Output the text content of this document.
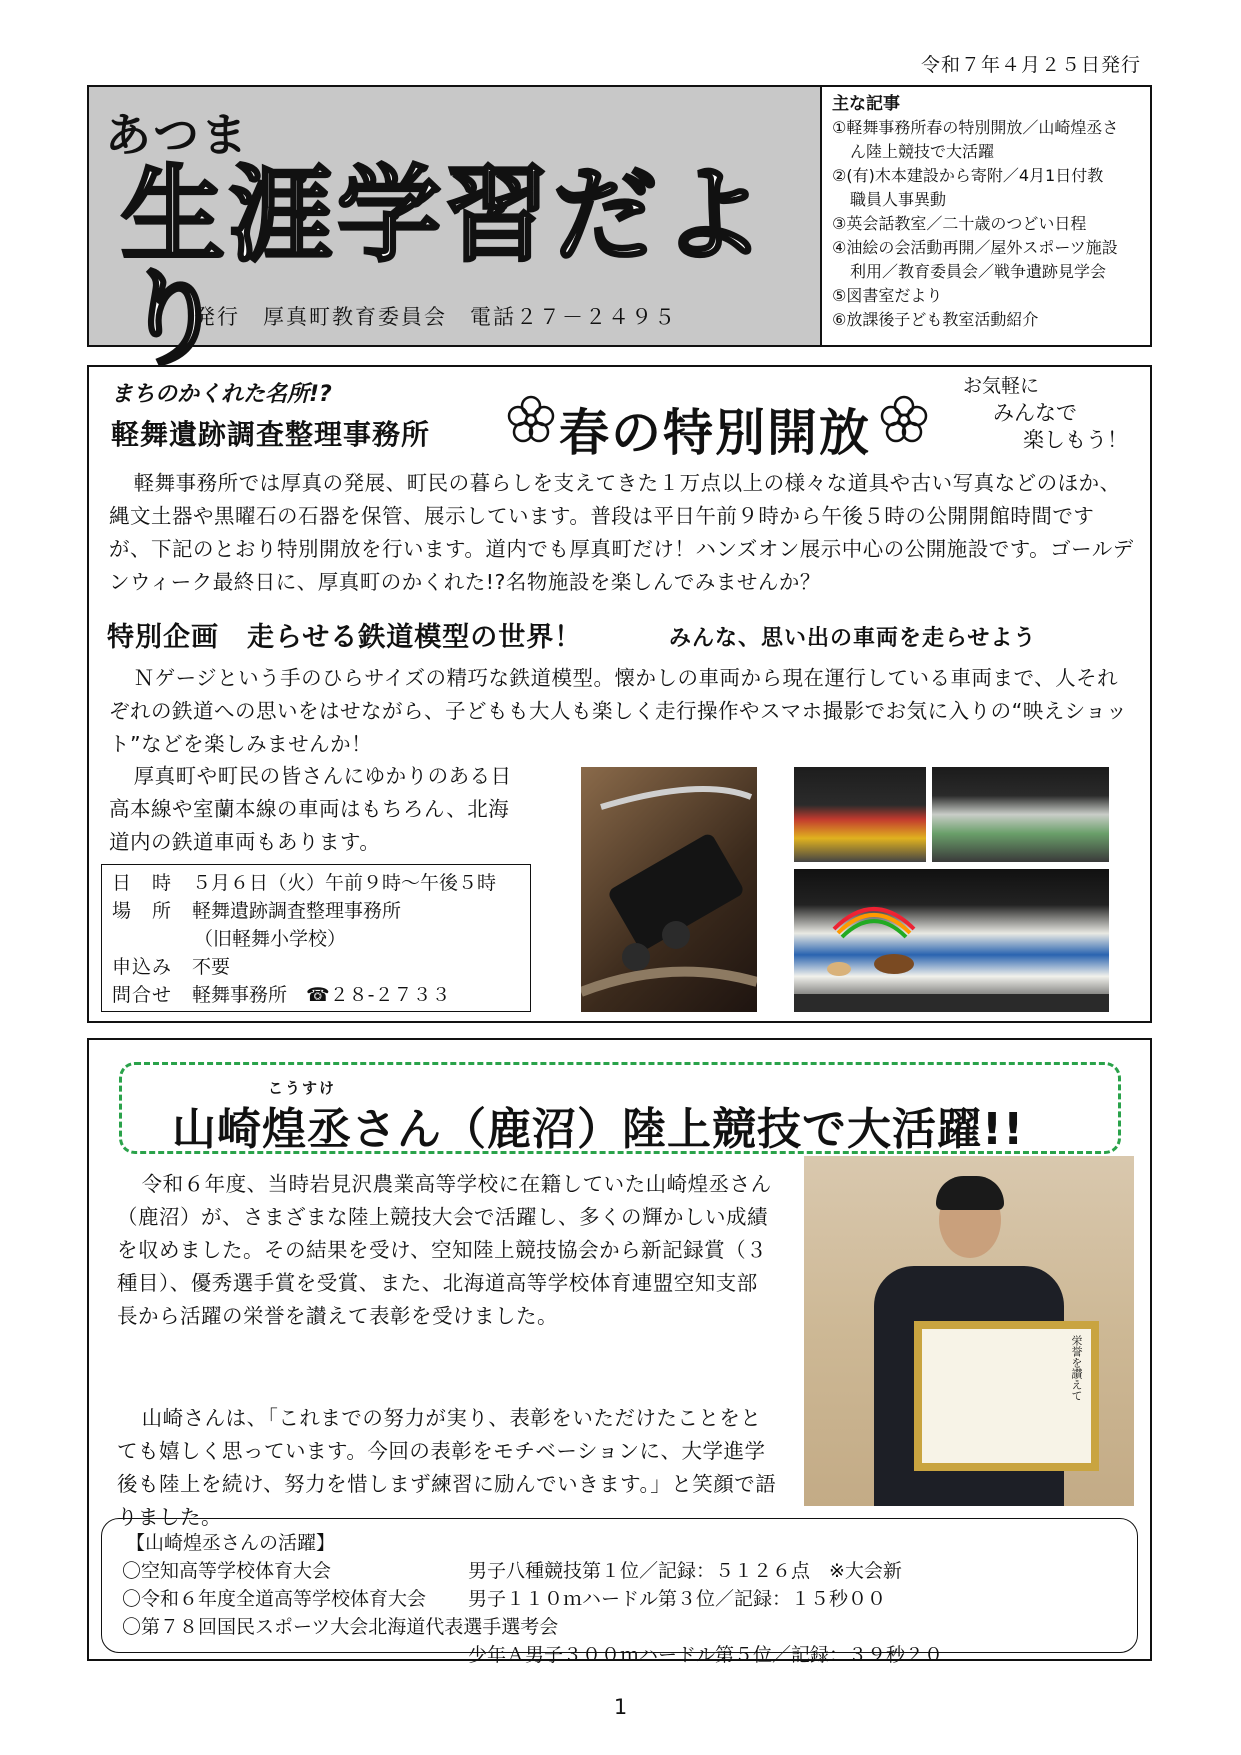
令和７年４月２５日発行
あつま
生涯学習だより
発行　厚真町教育委員会　電話２７－２４９５
主な記事
①軽舞事務所春の特別開放／山崎煌丞さ
ん陸上競技で大活躍
②(有)木本建設から寄附／4月1日付教
職員人事異動
③英会話教室／二十歳のつどい日程
④油絵の会活動再開／屋外スポーツ施設
利用／教育委員会／戦争遺跡見学会
⑤図書室だより
⑥放課後子ども教室活動紹介
まちのかくれた名所!?
軽舞遺跡調査整理事務所	春の特別開放
お気軽に
みんなで
楽しもう！
軽舞事務所では厚真の発展、町民の暮らしを支えてきた１万点以上の様々な道具や古い写真などのほか、縄文土器や黒曜石の石器を保管、展示しています。普段は平日午前９時から午後５時の公開開館時間ですが、下記のとおり特別開放を行います。道内でも厚真町だけ！ハンズオン展示中心の公開施設です。ゴールデンウィーク最終日に、厚真町のかくれた!?名物施設を楽しんでみませんか？
特別企画　走らせる鉄道模型の世界！	みんな、思い出の車両を走らせよう
Ｎゲージという手のひらサイズの精巧な鉄道模型。懐かしの車両から現在運行している車両まで、人それぞれの鉄道への思いをはせながら、子どもも大人も楽しく走行操作やスマホ撮影でお気に入りの“映えショット”などを楽しみませんか！
厚真町や町民の皆さんにゆかりのある日高本線や室蘭本線の車両はもちろん、北海道内の鉄道車両もあります。
日　時	５月６日（火）午前９時～午後５時
場　所	軽舞遺跡調査整理事務所
（旧軽舞小学校）
申込み	不要
問合せ	軽舞事務所　☎２８-２７３３
こうすけ
山崎煌丞さん（鹿沼）陸上競技で大活躍!!
令和６年度、当時岩見沢農業高等学校に在籍していた山崎煌丞さん（鹿沼）が、さまざまな陸上競技大会で活躍し、多くの輝かしい成績を収めました。その結果を受け、空知陸上競技協会から新記録賞（３種目）、優秀選手賞を受賞、また、北海道高等学校体育連盟空知支部長から活躍の栄誉を讃えて表彰を受けました。
山崎さんは、「これまでの努力が実り、表彰をいただけたことをとても嬉しく思っています。今回の表彰をモチベーションに、大学進学後も陸上を続け、努力を惜しまず練習に励んでいきます。」と笑顔で語りました。
栄誉を讃えて
【山崎煌丞さんの活躍】
〇空知高等学校体育大会	男子八種競技第１位／記録：５１２６点　※大会新
〇令和６年度全道高等学校体育大会	男子１１０ｍハードル第３位／記録：１５秒００
〇第７８回国民スポーツ大会北海道代表選手選考会
少年Ａ男子３００ｍハードル第５位／記録：３９秒２０
1
